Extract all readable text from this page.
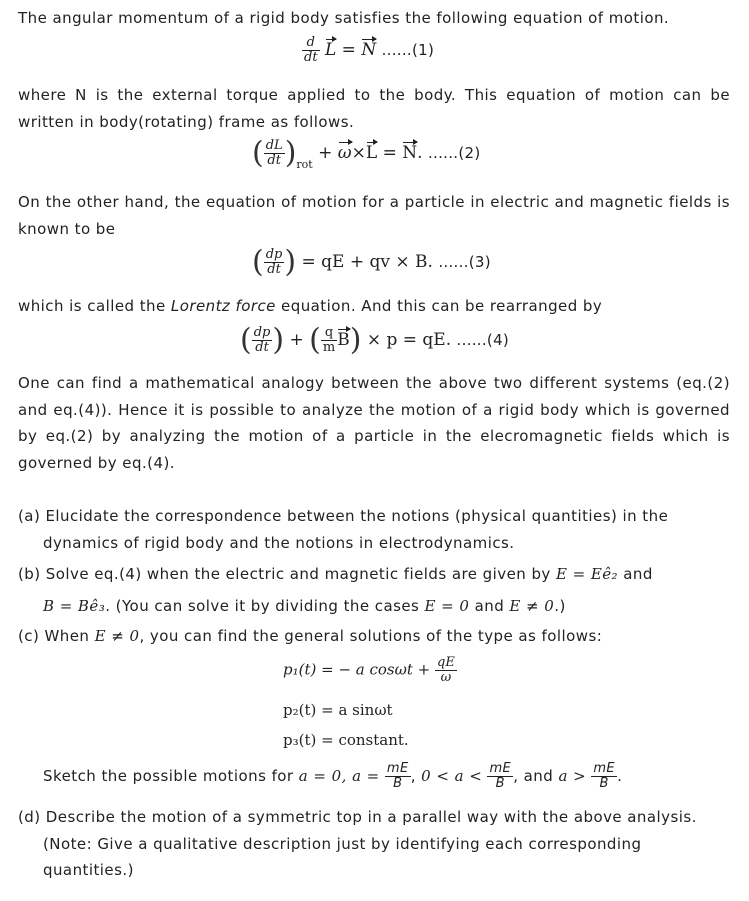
The angular momentum of a rigid body satisfies the following equation of motion.

$\frac{d}{dt}$ L = N ......(1)

where N is the external torque applied to the body. This equation of motion can be written in body(rotating) frame as follows.

( $\frac{dL}{dt} )_{rot} + \omega\times L = N$. ......(2)

On the other hand, the equation of motion for a particle in electric and magnetic fields is known to be

( $\frac{dp}{dt}$ ) = qE + qv × B. ......(3)

which is called the Lorentz force equation. And this can be rearranged by

( $\frac{dp}{dt}$ ) + ( $\frac{q}{m} B) \times p$ = qE. ......(4)

One can find a mathematical analogy between the above two different systems (eq.(2) and eq.(4)). Hence it is possible to analyze the motion of a rigid body which is governed by eq.(2) by analyzing the motion of a particle in the elecromagnetic fields which is governed by eq.(4).

(a) Elucidate the correspondence between the notions (physical quantities) in the

dynamics of rigid body and the notions in electrodynamics.

(b) Solve eq.(4) when the electric and magnetic fields are given by E = Eê₂ and

B = Bê₃. (You can solve it by dividing the cases E = 0 and E ≠ 0.)

(c) When E ≠ 0, you can find the general solutions of the type as follows:

p₁(t) = − a $\cos\omega t + \frac{qE}{\omega}$
p₂(t) = a sinωt
p₃(t) = constant.
Sketch the possible motions for a = 0, $a = \frac{mE}{B}$ , $0 < a < \frac{mE}{B}$ , and $a > \frac{mE}{B}$ .

(d) Describe the motion of a symmetric top in a parallel way with the above analysis.

(Note: Give a qualitative description just by identifying each corresponding

quantities.)
